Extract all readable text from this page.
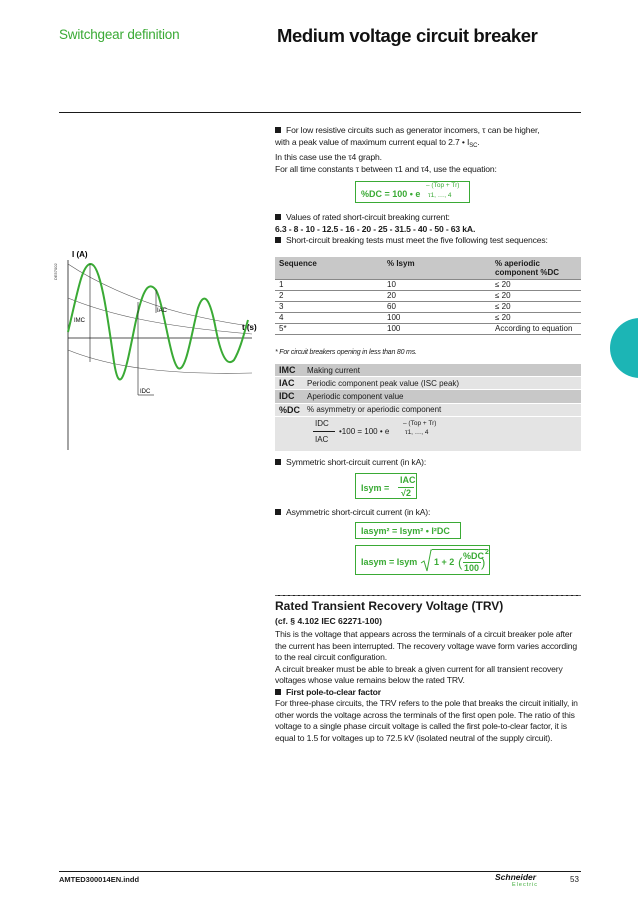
Switchgear definition	Medium voltage circuit breaker
For low resistive circuits such as generator incomers, τ can be higher,
with a peak value of maximum current equal to 2.7 • $I_{SC}$.
In this case use the τ4 graph.
For all time constants τ between τ1 and τ4, use the equation:
%DC = 100 • e
– (Top + Tr)
τ1, …, 4
Values of rated short-circuit breaking current:
6.3 - 8 - 10 - 12.5 - 16 - 20 - 25 - 31.5 - 40 - 50 - 63 kA.
Short-circuit breaking tests must meet the five following test sequences:
Sequence	% Isym	% aperiodic component %DC
1	10	≤ 20
2	20	≤ 20
3	60	≤ 20
4	100	≤ 20
5*	100	According to equation
* For circuit breakers opening in less than 80 ms.
IMC	Making current
IAC	Periodic component peak value (ISC peak)
IDC	Aperiodic component value
%DC % asymmetry or aperiodic component
IDC
IAC
•100 = 100 • e
– (Top + Tr)
τ1, …, 4
Symmetric short-circuit current (in kA):
Isym =
IAC
√2
Asymmetric short-circuit current (in kA):
Iasym² = Isym² • I²DC
Iasym = Isym 1 + 2 ( %DC
100 )
2
DE57002
I (A)
t (s)
IMC
IAC
IDC
Rated Transient Recovery Voltage (TRV)
(cf. § 4.102 IEC 62271-100)
This is the voltage that appears across the terminals of a circuit breaker pole after the current has been interrupted. The recovery voltage wave form varies according to the real circuit configuration.
A circuit breaker must be able to break a given current for all transient recovery voltages whose value remains below the rated TRV.
First pole-to-clear factor
For three-phase circuits, the TRV refers to the pole that breaks the circuit initially, in other words the voltage across the terminals of the first open pole. The ratio of this voltage to a single phase circuit voltage is called the first pole-to-clear factor, it is equal to 1.5 for voltages up to 72.5 kV (isolated neutral of the supply circuit).
AMTED300014EN.indd	Schneider
Electric
53
